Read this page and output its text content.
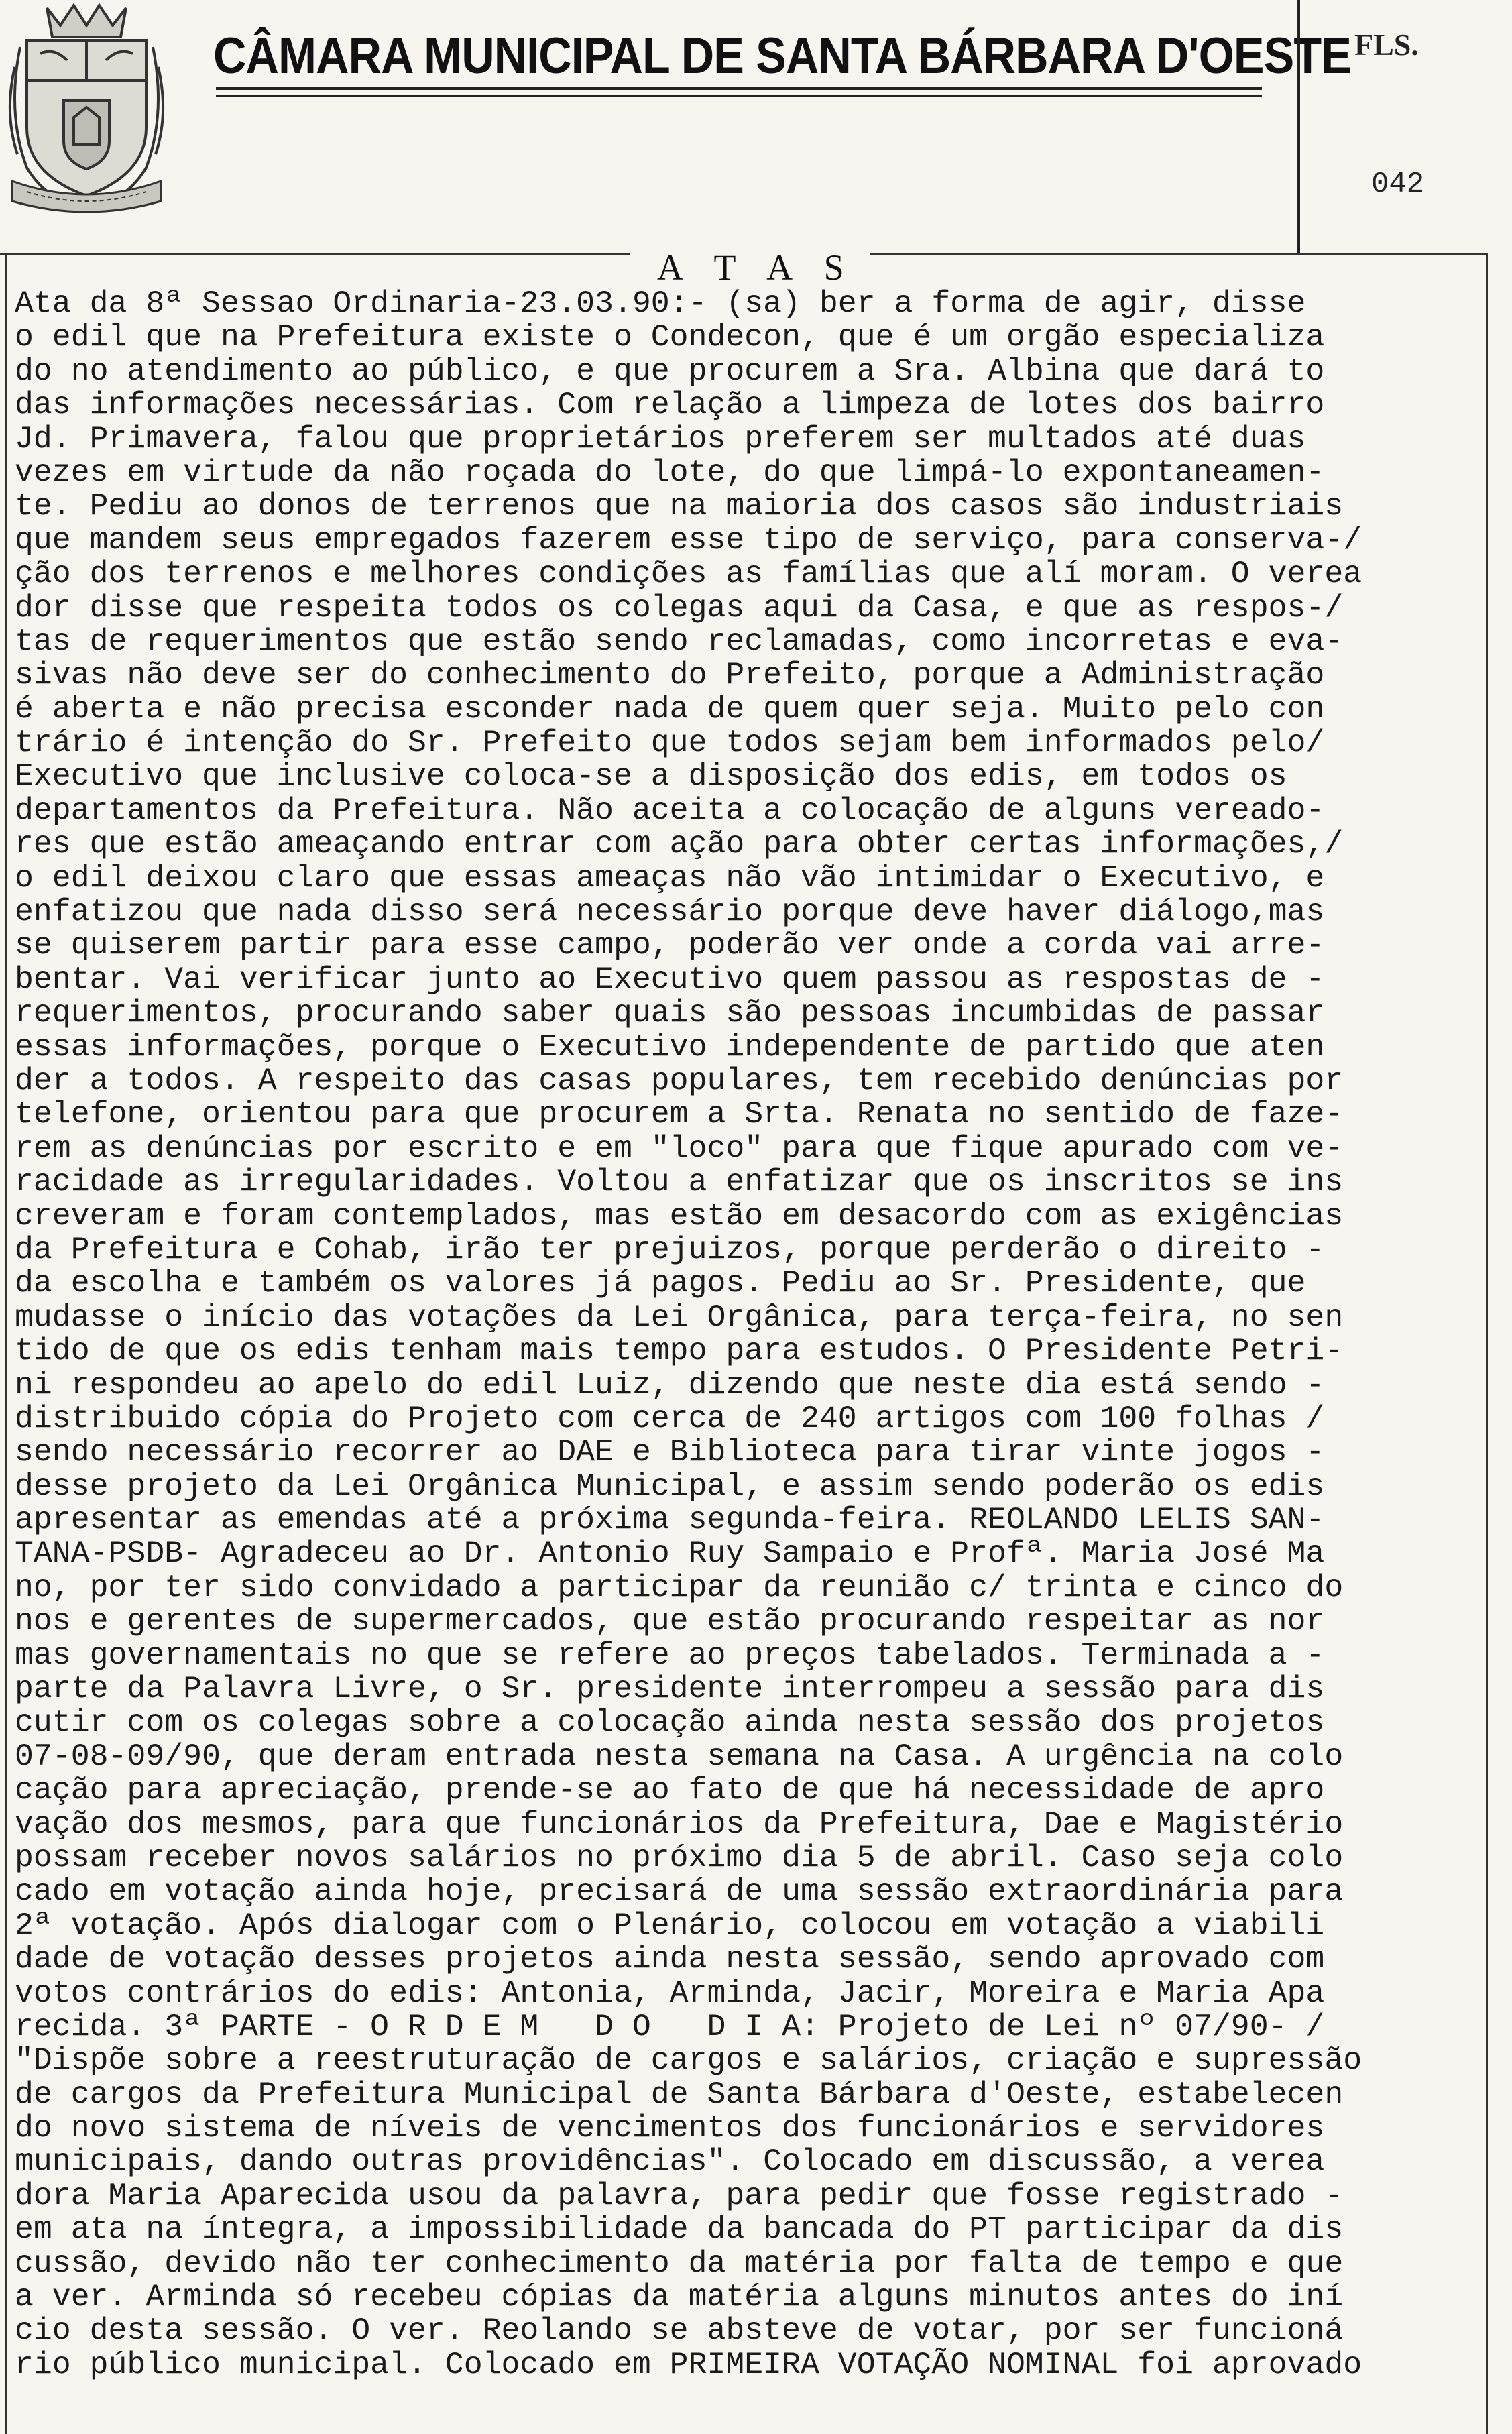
CÂMARA MUNICIPAL DE SANTA BÁRBARA D'OESTE FLS.
042
A T A S
Ata da 8ª Sessao Ordinaria-23.03.90:- (sa) ber a forma de agir, disse
o edil que na Prefeitura existe o Condecon, que é um orgão especializa
do no atendimento ao público, e que procurem a Sra. Albina que dará to
das informações necessárias. Com relação a limpeza de lotes dos bairro
Jd. Primavera, falou que proprietários preferem ser multados até duas
vezes em virtude da não roçada do lote, do que limpá-lo expontaneamen-
te. Pediu ao donos de terrenos que na maioria dos casos são industriais
que mandem seus empregados fazerem esse tipo de serviço, para conserva-/
ção dos terrenos e melhores condições as famílias que alí moram. O verea
dor disse que respeita todos os colegas aqui da Casa, e que as respos-/
tas de requerimentos que estão sendo reclamadas, como incorretas e eva-
sivas não deve ser do conhecimento do Prefeito, porque a Administração
é aberta e não precisa esconder nada de quem quer seja. Muito pelo con
trário é intenção do Sr. Prefeito que todos sejam bem informados pelo/
Executivo que inclusive coloca-se a disposição dos edis, em todos os
departamentos da Prefeitura. Não aceita a colocação de alguns vereado-
res que estão ameaçando entrar com ação para obter certas informações,/
o edil deixou claro que essas ameaças não vão intimidar o Executivo, e
enfatizou que nada disso será necessário porque deve haver diálogo,mas
se quiserem partir para esse campo, poderão ver onde a corda vai arre-
bentar. Vai verificar junto ao Executivo quem passou as respostas de -
requerimentos, procurando saber quais são pessoas incumbidas de passar
essas informações, porque o Executivo independente de partido que aten
der a todos. A respeito das casas populares, tem recebido denúncias por
telefone, orientou para que procurem a Srta. Renata no sentido de faze-
rem as denúncias por escrito e em "loco" para que fique apurado com ve-
racidade as irregularidades. Voltou a enfatizar que os inscritos se ins
creveram e foram contemplados, mas estão em desacordo com as exigências
da Prefeitura e Cohab, irão ter prejuizos, porque perderão o direito -
da escolha e também os valores já pagos. Pediu ao Sr. Presidente, que
mudasse o início das votações da Lei Orgânica, para terça-feira, no sen
tido de que os edis tenham mais tempo para estudos. O Presidente Petri-
ni respondeu ao apelo do edil Luiz, dizendo que neste dia está sendo -
distribuido cópia do Projeto com cerca de 240 artigos com 100 folhas /
sendo necessário recorrer ao DAE e Biblioteca para tirar vinte jogos -
desse projeto da Lei Orgânica Municipal, e assim sendo poderão os edis
apresentar as emendas até a próxima segunda-feira. REOLANDO LELIS SAN-
TANA-PSDB- Agradeceu ao Dr. Antonio Ruy Sampaio e Profª. Maria José Ma
no, por ter sido convidado a participar da reunião c/ trinta e cinco do
nos e gerentes de supermercados, que estão procurando respeitar as nor
mas governamentais no que se refere ao preços tabelados. Terminada a -
parte da Palavra Livre, o Sr. presidente interrompeu a sessão para dis
cutir com os colegas sobre a colocação ainda nesta sessão dos projetos
07-08-09/90, que deram entrada nesta semana na Casa. A urgência na colo
cação para apreciação, prende-se ao fato de que há necessidade de apro
vação dos mesmos, para que funcionários da Prefeitura, Dae e Magistério
possam receber novos salários no próximo dia 5 de abril. Caso seja colo
cado em votação ainda hoje, precisará de uma sessão extraordinária para
2ª votação. Após dialogar com o Plenário, colocou em votação a viabili
dade de votação desses projetos ainda nesta sessão, sendo aprovado com
votos contrários do edis: Antonia, Arminda, Jacir, Moreira e Maria Apa
recida. 3ª PARTE - O R D E M   D O   D I A: Projeto de Lei nº 07/90- /
"Dispõe sobre a reestruturação de cargos e salários, criação e supressão
de cargos da Prefeitura Municipal de Santa Bárbara d'Oeste, estabelecen
do novo sistema de níveis de vencimentos dos funcionários e servidores
municipais, dando outras providências". Colocado em discussão, a verea
dora Maria Aparecida usou da palavra, para pedir que fosse registrado -
em ata na íntegra, a impossibilidade da bancada do PT participar da dis
cussão, devido não ter conhecimento da matéria por falta de tempo e que
a ver. Arminda só recebeu cópias da matéria alguns minutos antes do iní
cio desta sessão. O ver. Reolando se absteve de votar, por ser funcioná
rio público municipal. Colocado em PRIMEIRA VOTAÇÃO NOMINAL foi aprovado
